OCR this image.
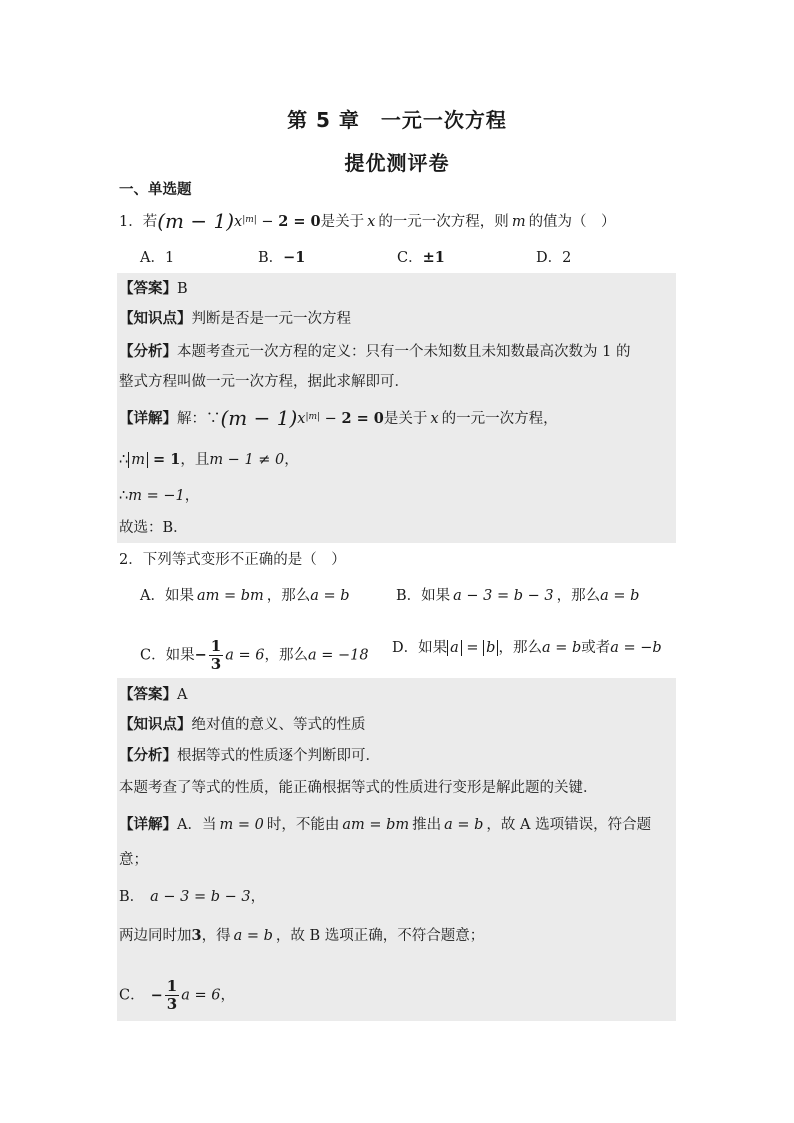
第 5 章　一元一次方程
提优测评卷
一、单选题
1．若$(m - 1)x^{|m|} - 2 = 0$是关于 x 的一元一次方程，则 m 的值为（　）
A．1	B．−1	C．±1	D．2
【答案】B
【知识点】判断是否是一元一次方程
【分析】本题考查元一次方程的定义：只有一个未知数且未知数最高次数为 1 的
整式方程叫做一元一次方程，据此求解即可．
【详解】解：∵(m − $1)x^{|m|} - 2 = 0$是关于 x 的一元一次方程，
∴ m = 1，且m − 1 ≠ 0，
∴m = −1，
故选：B．
2．下列等式变形不正确的是（　）
A．如果 am = bm ，那么a = b	B．如果 a − 3 = b − 3 ，那么a = b
C．如果− $\frac{1}{3}$ a = 6，那么a = −18 D．如果 a = b ，那么a = b或者a = −b
【答案】A
【知识点】绝对值的意义、等式的性质
【分析】根据等式的性质逐个判断即可．
本题考查了等式的性质，能正确根据等式的性质进行变形是解此题的关键．
【详解】A．当 m = 0 时，不能由 am = bm 推出 a = b ，故 A 选项错误，符合题
意；
B． a − 3 = b − 3，
两边同时加3，得 a = b ，故 B 选项正确，不符合题意；
C． − $\frac{1}{3}$ a = 6，
